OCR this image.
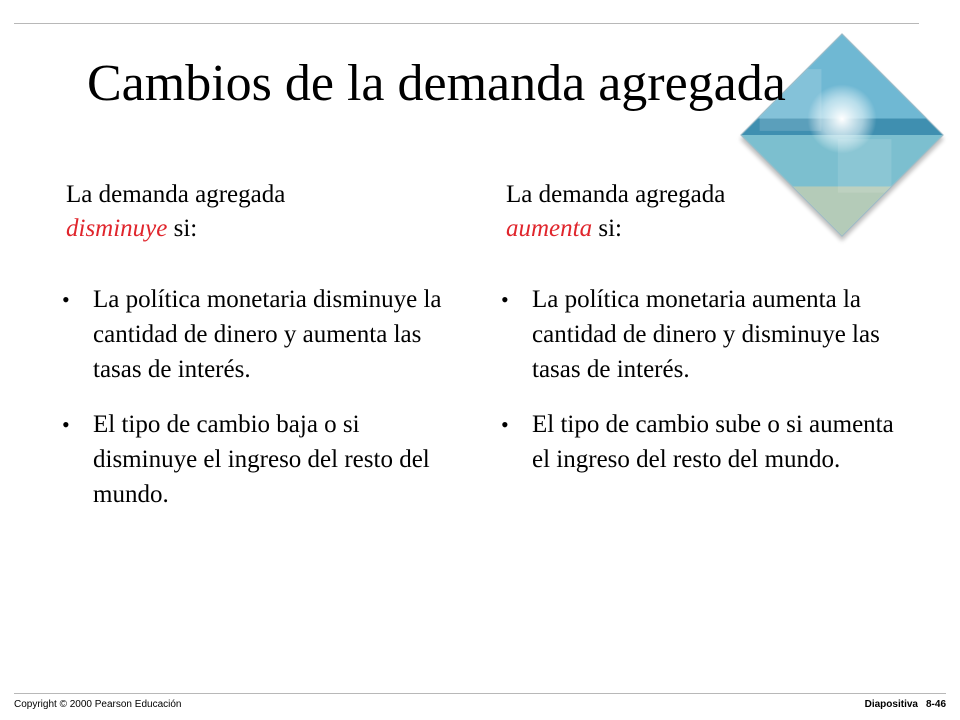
Cambios de la demanda agregada
La demanda agregada
disminuye si:
La demanda agregada
aumenta si:
• La política monetaria disminuye la cantidad de dinero y aumenta las tasas de interés.
• El tipo de cambio baja o si disminuye el ingreso del resto del mundo.
• La política monetaria aumenta la cantidad de dinero y disminuye las tasas de interés.
• El tipo de cambio sube o si aumenta el ingreso del resto del mundo.
Copyright © 2000 Pearson Educación	Diapositiva 8-46
